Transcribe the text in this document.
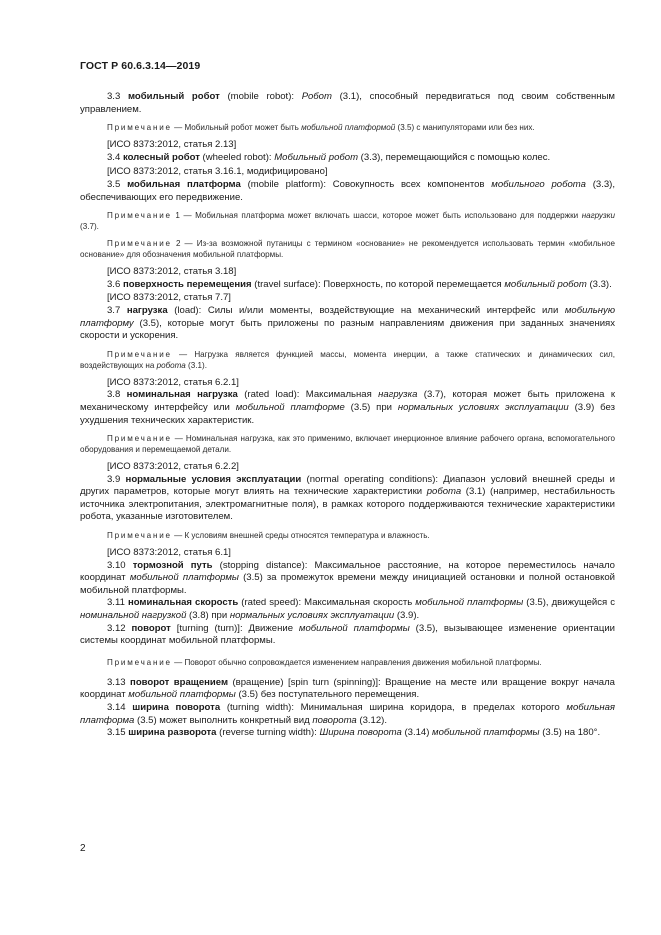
ГОСТ Р 60.6.3.14—2019

3.3 мобильный робот (mobile robot): Робот (3.1), способный передвигаться под своим собственным управлением.

Примечание — Мобильный робот может быть мобильной платформой (3.5) с манипуляторами или без них.

[ИСО 8373:2012, статья 2.13]

3.4 колесный робот (wheeled robot): Мобильный робот (3.3), перемещающийся с помощью колес.

[ИСО 8373:2012, статья 3.16.1, модифицировано]

3.5 мобильная платформа (mobile platform): Совокупность всех компонентов мобильного робота (3.3), обеспечивающих его передвижение.

Примечание 1 — Мобильная платформа может включать шасси, которое может быть использовано для поддержки нагрузки (3.7).

Примечание 2 — Из-за возможной путаницы с термином «основание» не рекомендуется использовать термин «мобильное основание» для обозначения мобильной платформы.

[ИСО 8373:2012, статья 3.18]

3.6 поверхность перемещения (travel surface): Поверхность, по которой перемещается мобильный робот (3.3).

[ИСО 8373:2012, статья 7.7]

3.7 нагрузка (load): Силы и/или моменты, воздействующие на механический интерфейс или мобильную платформу (3.5), которые могут быть приложены по разным направлениям движения при заданных значениях скорости и ускорения.

Примечание — Нагрузка является функцией массы, момента инерции, а также статических и динамических сил, воздействующих на робота (3.1).

[ИСО 8373:2012, статья 6.2.1]

3.8 номинальная нагрузка (rated load): Максимальная нагрузка (3.7), которая может быть приложена к механическому интерфейсу или мобильной платформе (3.5) при нормальных условиях эксплуатации (3.9) без ухудшения технических характеристик.

Примечание — Номинальная нагрузка, как это применимо, включает инерционное влияние рабочего органа, вспомогательного оборудования и перемещаемой детали.

[ИСО 8373:2012, статья 6.2.2]

3.9 нормальные условия эксплуатации (normal operating conditions): Диапазон условий внешней среды и других параметров, которые могут влиять на технические характеристики робота (3.1) (например, нестабильность источника электропитания, электромагнитные поля), в рамках которого поддерживаются технические характеристики робота, указанные изготовителем.

Примечание — К условиям внешней среды относятся температура и влажность.

[ИСО 8373:2012, статья 6.1]

3.10 тормозной путь (stopping distance): Максимальное расстояние, на которое переместилось начало координат мобильной платформы (3.5) за промежуток времени между инициацией остановки и полной остановкой мобильной платформы.

3.11 номинальная скорость (rated speed): Максимальная скорость мобильной платформы (3.5), движущейся с номинальной нагрузкой (3.8) при нормальных условиях эксплуатации (3.9).

3.12 поворот [turning (turn)]: Движение мобильной платформы (3.5), вызывающее изменение ориентации системы координат мобильной платформы.

Примечание — Поворот обычно сопровождается изменением направления движения мобильной платформы.

3.13 поворот вращением (вращение) [spin turn (spinning)]: Вращение на месте или вращение вокруг начала координат мобильной платформы (3.5) без поступательного перемещения.

3.14 ширина поворота (turning width): Минимальная ширина коридора, в пределах которого мобильная платформа (3.5) может выполнить конкретный вид поворота (3.12).

3.15 ширина разворота (reverse turning width): Ширина поворота (3.14) мобильной платформы (3.5) на 180°.

2
